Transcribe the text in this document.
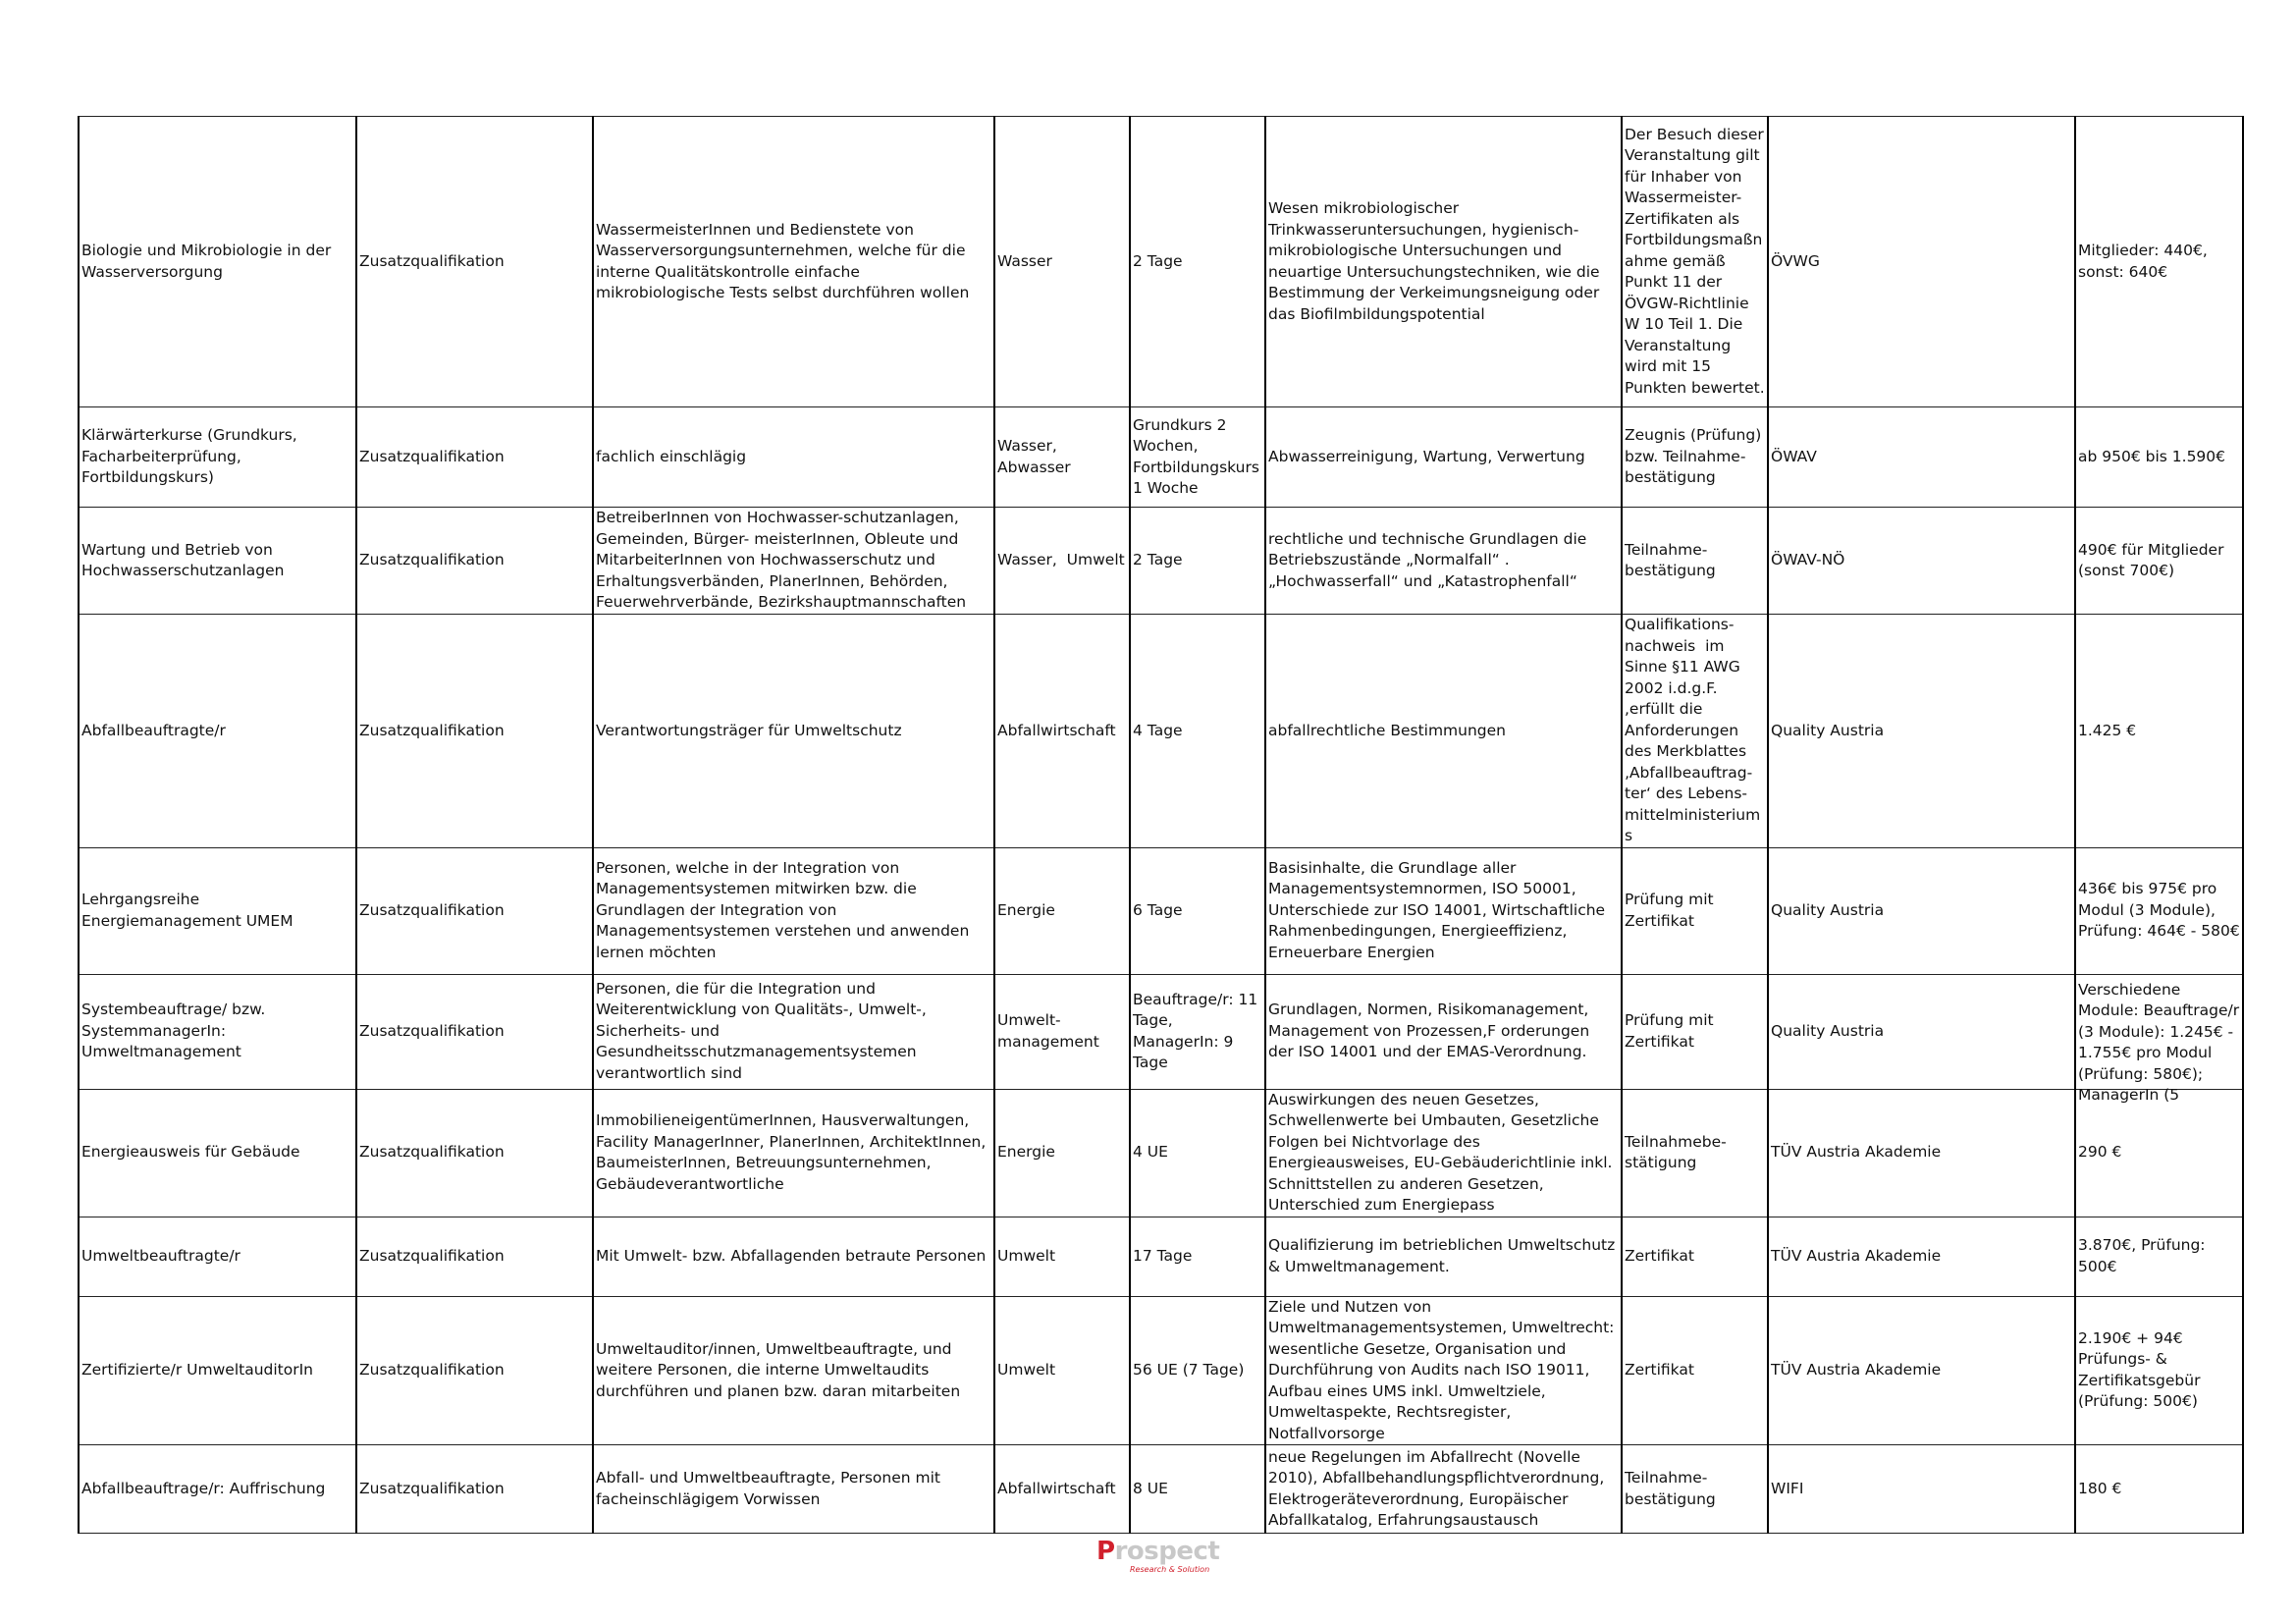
Biologie und Mikrobiologie in der Wasserversorgung	Zusatzqualifikation	WassermeisterInnen und Bedienstete von Wasserversorgungsunternehmen, welche für die interne Qualitätskontrolle einfache mikrobiologische Tests selbst durchführen wollen	Wasser	2 Tage	Wesen mikrobiologischer Trinkwasseruntersuchungen, hygienisch-mikrobiologische Untersuchungen und neuartige Untersuchungstechniken, wie die Bestimmung der Verkeimungsneigung oder das Biofilmbildungspotential	Der Besuch dieser Veranstaltung gilt für Inhaber von Wassermeister-Zertifikaten als Fortbildungsmaßnahme gemäß Punkt 11 der ÖVGW-Richtlinie W 10 Teil 1. Die Veranstaltung wird mit 15 Punkten bewertet.	ÖVWG	Mitglieder: 440€, sonst: 640€

Klärwärterkurse (Grundkurs, Facharbeiterprüfung, Fortbildungskurs)	Zusatzqualifikation	fachlich einschlägig	Wasser, Abwasser	Grundkurs 2 Wochen, Fortbildungskurs 1 Woche	Abwasserreinigung, Wartung, Verwertung	Zeugnis (Prüfung) bzw. Teilnahme-bestätigung	ÖWAV	ab 950€ bis 1.590€

Wartung und Betrieb von Hochwasserschutzanlagen	Zusatzqualifikation	BetreiberInnen von Hochwasser-schutzanlagen, Gemeinden, Bürger- meisterInnen, Obleute und MitarbeiterInnen von Hochwasserschutz und Erhaltungsverbänden, PlanerInnen, Behörden, Feuerwehrverbände, Bezirkshauptmannschaften	Wasser,  Umwelt	2 Tage	rechtliche und technische Grundlagen die Betriebszustände „Normalfall“ . „Hochwasserfall“ und „Katastrophenfall“	Teilnahme-bestätigung	ÖWAV-NÖ	490€ für Mitglieder (sonst 700€)

Abfallbeauftragte/r	Zusatzqualifikation	Verantwortungsträger für Umweltschutz	Abfallwirtschaft	4 Tage	abfallrechtliche Bestimmungen	Qualifikations-nachweis  im Sinne §11 AWG 2002 i.d.g.F. ,erfüllt die Anforderungen des Merkblattes ‚Abfallbeauftrag-ter‘ des Lebens-mittelministeriums	Quality Austria	1.425 €

Lehrgangsreihe Energiemanagement UMEM	Zusatzqualifikation	Personen, welche in der Integration von Managementsystemen mitwirken bzw. die Grundlagen der Integration von Managementsystemen verstehen und anwenden lernen möchten	Energie	6 Tage	Basisinhalte, die Grundlage aller Managementsystemnormen, ISO 50001, Unterschiede zur ISO 14001, Wirtschaftliche Rahmenbedingungen, Energieeffizienz, Erneuerbare Energien	Prüfung mit Zertifikat	Quality Austria	436€ bis 975€ pro Modul (3 Module), Prüfung: 464€ - 580€

Systembeauftrage/ bzw. SystemmanagerIn: Umweltmanagement	Zusatzqualifikation	Personen, die für die Integration und Weiterentwicklung von Qualitäts-, Umwelt-, Sicherheits- und Gesundheitsschutzmanagementsystemen verantwortlich sind	Umwelt-management	Beauftrage/r: 11 Tage, ManagerIn: 9 Tage	Grundlagen, Normen, Risikomanagement, Management von Prozessen,F orderungen der ISO 14001 und der EMAS-Verordnung.	Prüfung mit Zertifikat	Quality Austria	Verschiedene Module: Beauftrage/r (3 Module): 1.245€ - 1.755€ pro Modul (Prüfung: 580€); ManagerIn (5

Energieausweis für Gebäude	Zusatzqualifikation	ImmobilieneigentümerInnen, Hausverwaltungen, Facility ManagerInner, PlanerInnen, ArchitektInnen, BaumeisterInnen, Betreuungsunternehmen, Gebäudeverantwortliche	Energie	4 UE	Auswirkungen des neuen Gesetzes, Schwellenwerte bei Umbauten, Gesetzliche Folgen bei Nichtvorlage des Energieausweises, EU-Gebäuderichtlinie inkl. Schnittstellen zu anderen Gesetzen, Unterschied zum Energiepass	Teilnahmebe-stätigung	TÜV Austria Akademie	290 €

Umweltbeauftragte/r	Zusatzqualifikation	Mit Umwelt- bzw. Abfallagenden betraute Personen	Umwelt	17 Tage	Qualifizierung im betrieblichen Umweltschutz & Umweltmanagement.	Zertifikat	TÜV Austria Akademie	3.870€, Prüfung: 500€

Zertifizierte/r UmweltauditorIn	Zusatzqualifikation	Umweltauditor/innen, Umweltbeauftragte, und weitere Personen, die interne Umweltaudits durchführen und planen bzw. daran mitarbeiten	Umwelt	56 UE (7 Tage)	Ziele und Nutzen von Umweltmanagementsystemen, Umweltrecht: wesentliche Gesetze, Organisation und Durchführung von Audits nach ISO 19011, Aufbau eines UMS inkl. Umweltziele, Umweltaspekte, Rechtsregister, Notfallvorsorge	Zertifikat	TÜV Austria Akademie	2.190€ + 94€ Prüfungs- & Zertifikatsgebür (Prüfung: 500€)

Abfallbeauftrage/r: Auffrischung	Zusatzqualifikation	Abfall- und Umweltbeauftragte, Personen mit facheinschlägigem Vorwissen	Abfallwirtschaft	8 UE	neue Regelungen im Abfallrecht (Novelle 2010), Abfallbehandlungspflichtverordnung, Elektrogeräteverordnung, Europäischer Abfallkatalog, Erfahrungsaustausch	Teilnahme-bestätigung	WIFI	180 €
Prospect
Research & Solution
